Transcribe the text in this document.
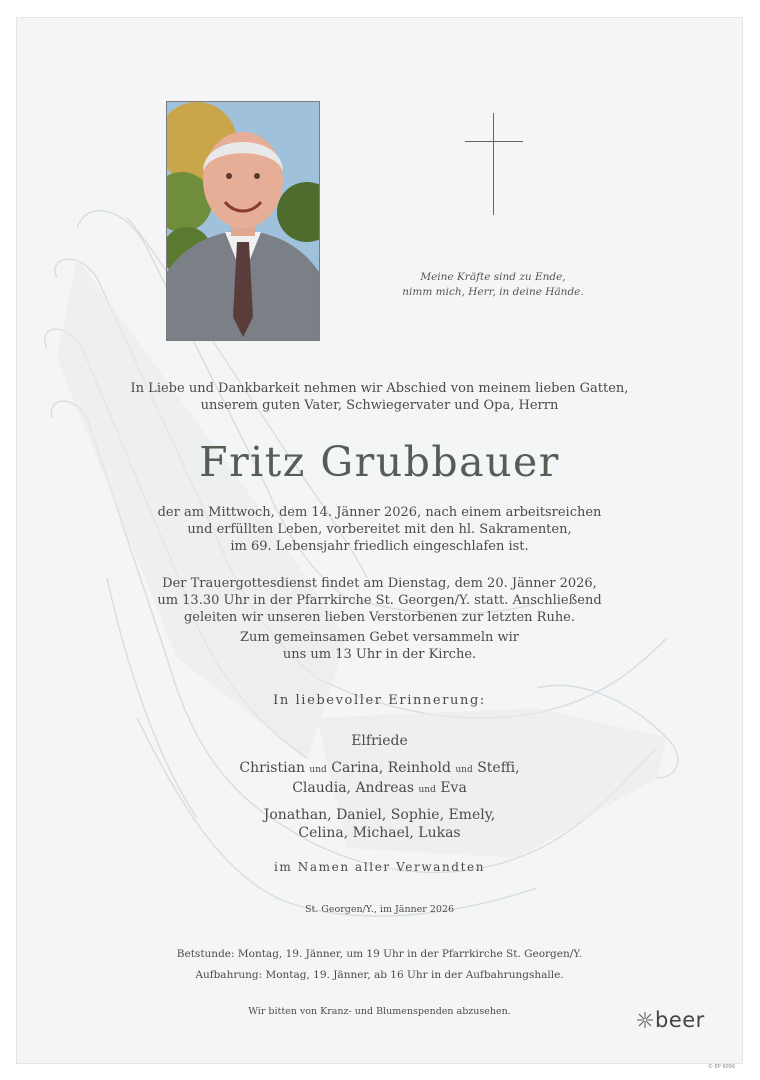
Meine Kräfte sind zu Ende,
nimm mich, Herr, in deine Hände.
In Liebe und Dankbarkeit nehmen wir Abschied von meinem lieben Gatten,
unserem guten Vater, Schwiegervater und Opa, Herrn
Fritz Grubbauer
der am Mittwoch, dem 14. Jänner 2026, nach einem arbeitsreichen
und erfüllten Leben, vorbereitet mit den hl. Sakramenten,
im 69. Lebensjahr friedlich eingeschlafen ist.
Der Trauergottesdienst findet am Dienstag, dem 20. Jänner 2026,
um 13.30 Uhr in der Pfarrkirche St. Georgen/Y. statt. Anschließend
geleiten wir unseren lieben Verstorbenen zur letzten Ruhe.
Zum gemeinsamen Gebet versammeln wir
uns um 13 Uhr in der Kirche.
In liebevoller Erinnerung:
Elfriede
Christian und Carina, Reinhold und Steffi,
Claudia, Andreas und Eva
Jonathan, Daniel, Sophie, Emely,
Celina, Michael, Lukas
im Namen aller Verwandten
St. Georgen/Y., im Jänner 2026
Betstunde: Montag, 19. Jänner, um 19 Uhr in der Pfarrkirche St. Georgen/Y.
Aufbahrung: Montag, 19. Jänner, ab 16 Uhr in der Aufbahrungshalle.
Wir bitten von Kranz- und Blumenspenden abzusehen.	beer
© EP 9056
